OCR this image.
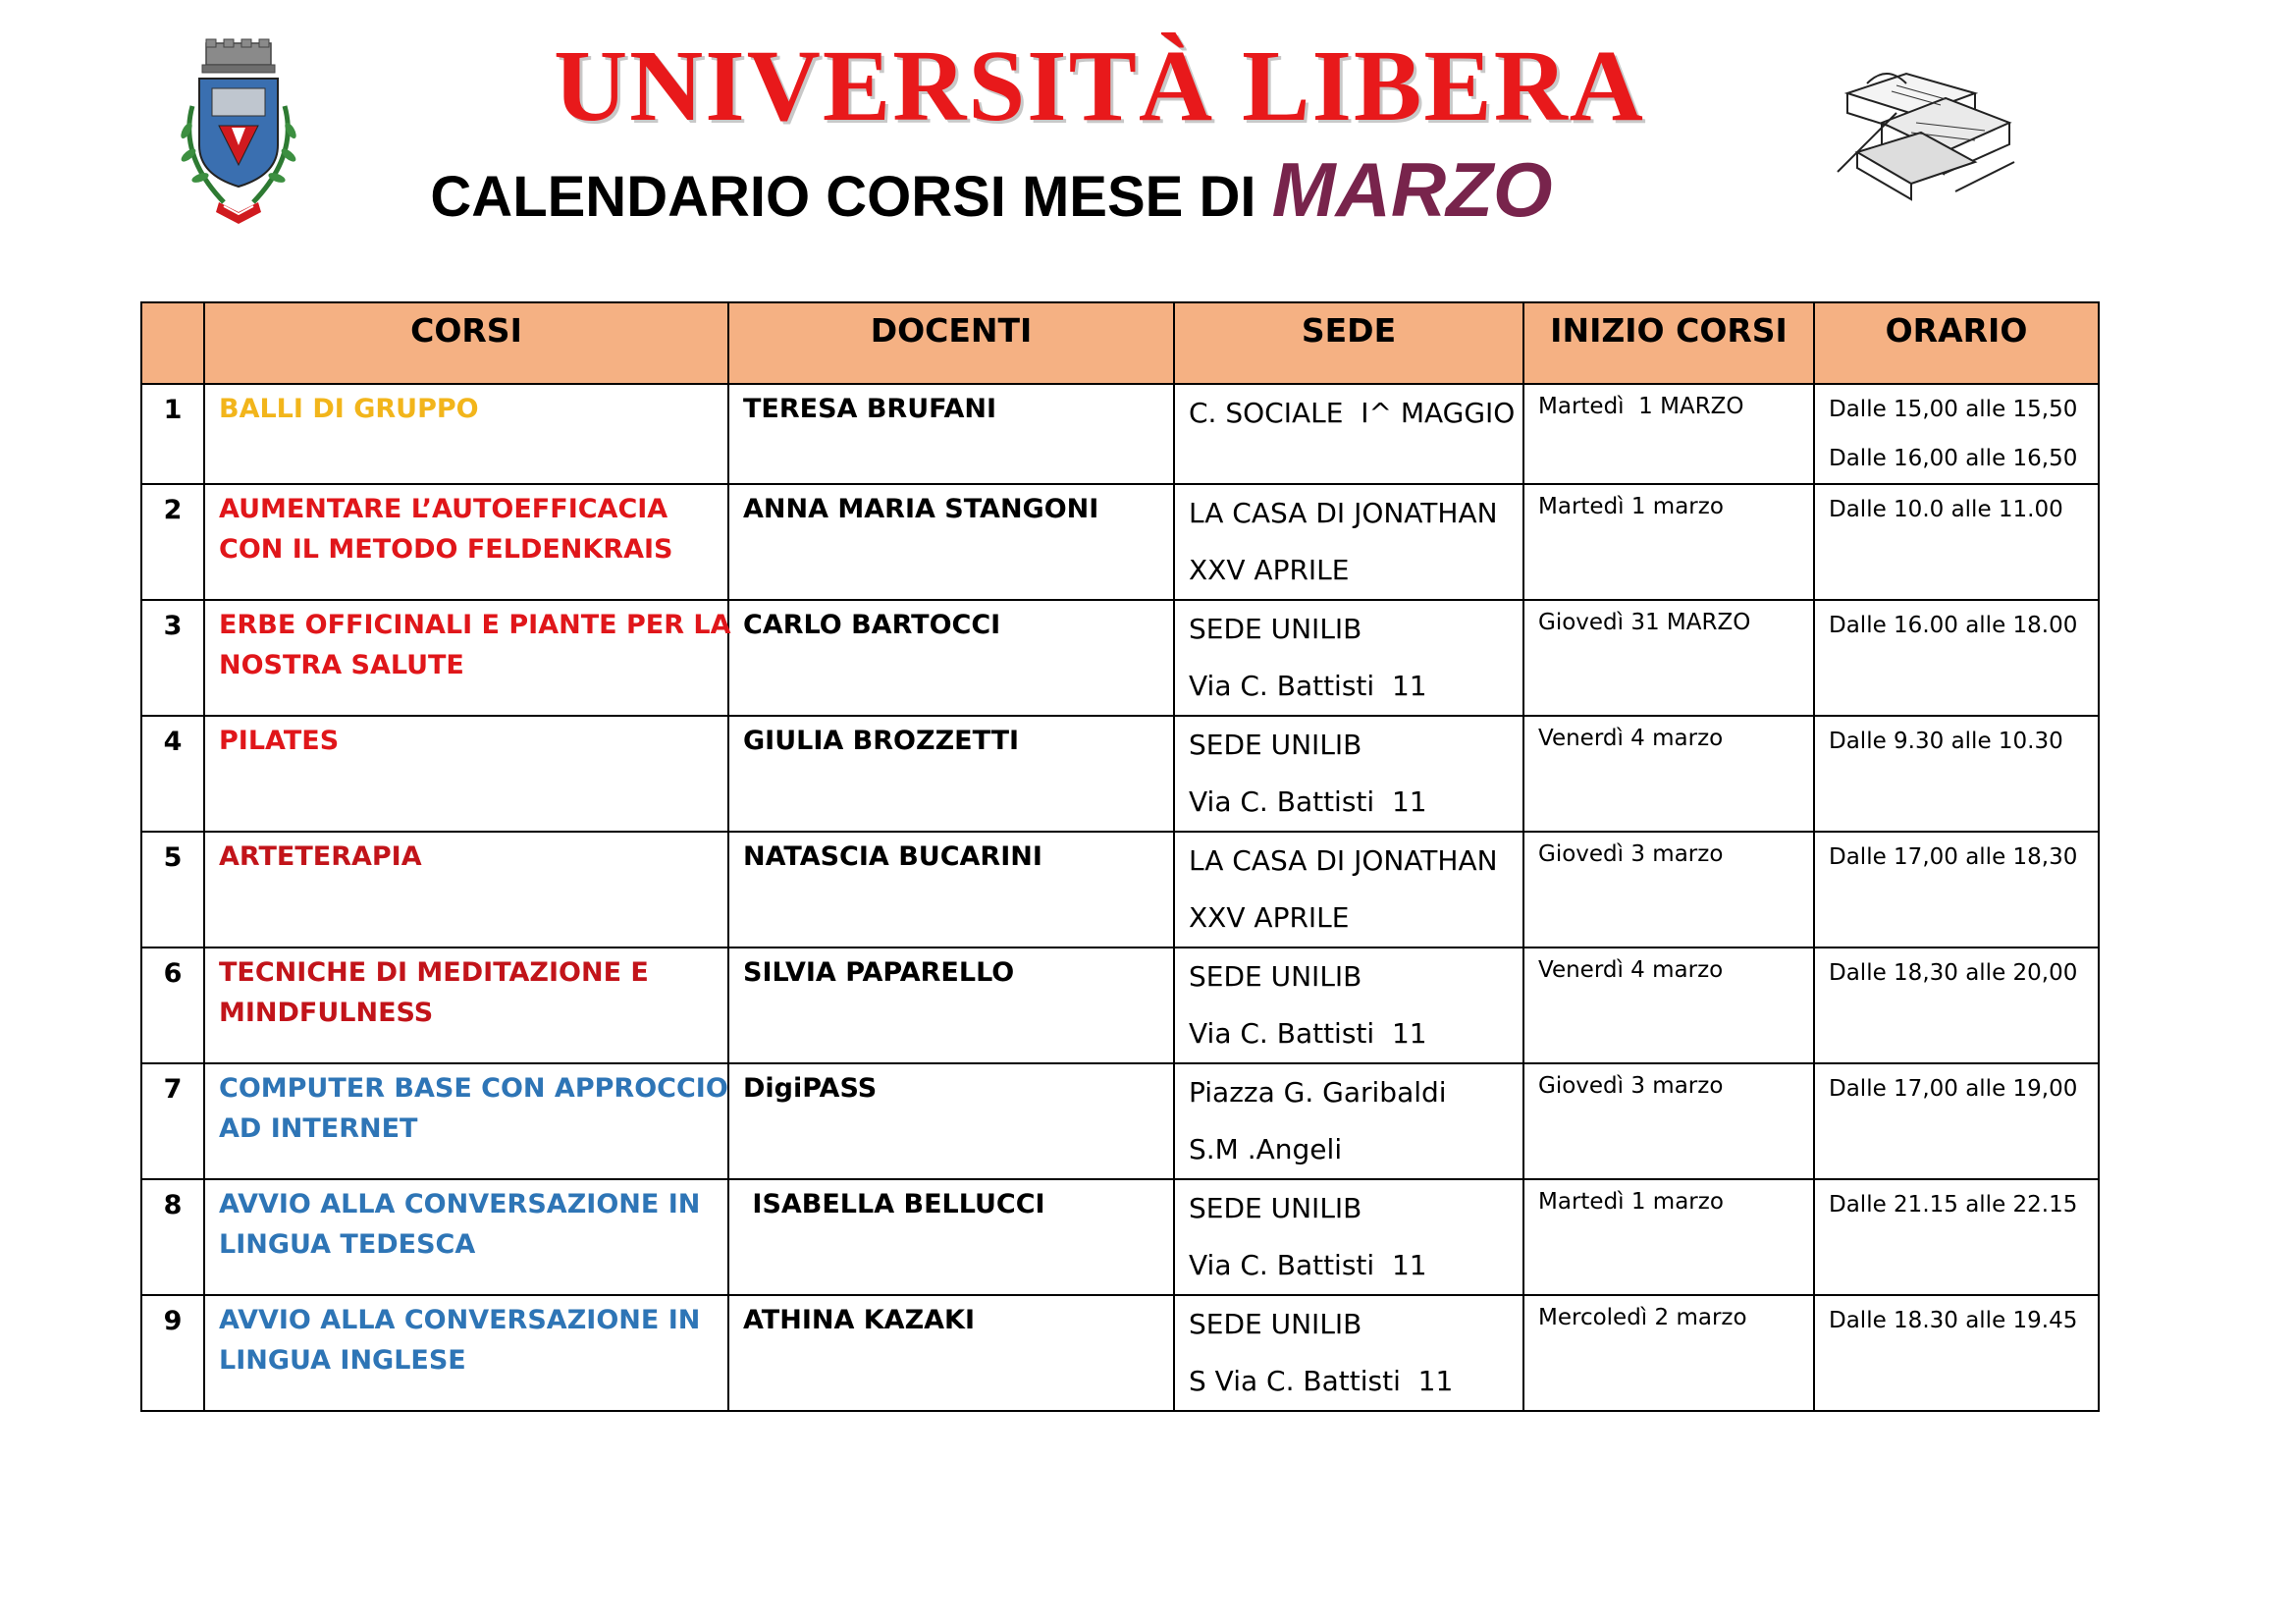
UNIVERSITÀ LIBERA
CALENDARIO CORSI MESE DI MARZO
	CORSI	DOCENTI	SEDE	INIZIO CORSI	ORARIO
1	BALLI DI GRUPPO	TERESA BRUFANI	C. SOCIALE  I^ MAGGIO	Martedì  1 MARZO	Dalle 15,00 alle 15,50
Dalle 16,00 alle 16,50

2	AUMENTARE L’AUTOEFFICACIA
CON IL METODO FELDENKRAIS	ANNA MARIA STANGONI	LA CASA DI JONATHAN
XXV APRILE	Martedì 1 marzo	Dalle 10.0 alle 11.00

3	ERBE OFFICINALI E PIANTE PER LA
NOSTRA SALUTE	CARLO BARTOCCI	SEDE UNILIB
Via C. Battisti  11	Giovedì 31 MARZO	Dalle 16.00 alle 18.00

4	PILATES	GIULIA BROZZETTI	SEDE UNILIB
Via C. Battisti  11	Venerdì 4 marzo	Dalle 9.30 alle 10.30

5	ARTETERAPIA	NATASCIA BUCARINI	LA CASA DI JONATHAN
XXV APRILE	Giovedì 3 marzo	Dalle 17,00 alle 18,30

6	TECNICHE DI MEDITAZIONE E
MINDFULNESS	SILVIA PAPARELLO	SEDE UNILIB
Via C. Battisti  11	Venerdì 4 marzo	Dalle 18,30 alle 20,00

7	COMPUTER BASE CON APPROCCIO
AD INTERNET	DigiPASS	Piazza G. Garibaldi
S.M .Angeli	Giovedì 3 marzo	Dalle 17,00 alle 19,00

8	AVVIO ALLA CONVERSAZIONE IN
LINGUA TEDESCA	ISABELLA BELLUCCI	SEDE UNILIB
Via C. Battisti  11	Martedì 1 marzo	Dalle 21.15 alle 22.15

9	AVVIO ALLA CONVERSAZIONE IN
LINGUA INGLESE	ATHINA KAZAKI	SEDE UNILIB
S Via C. Battisti  11	Mercoledì 2 marzo	Dalle 18.30 alle 19.45
